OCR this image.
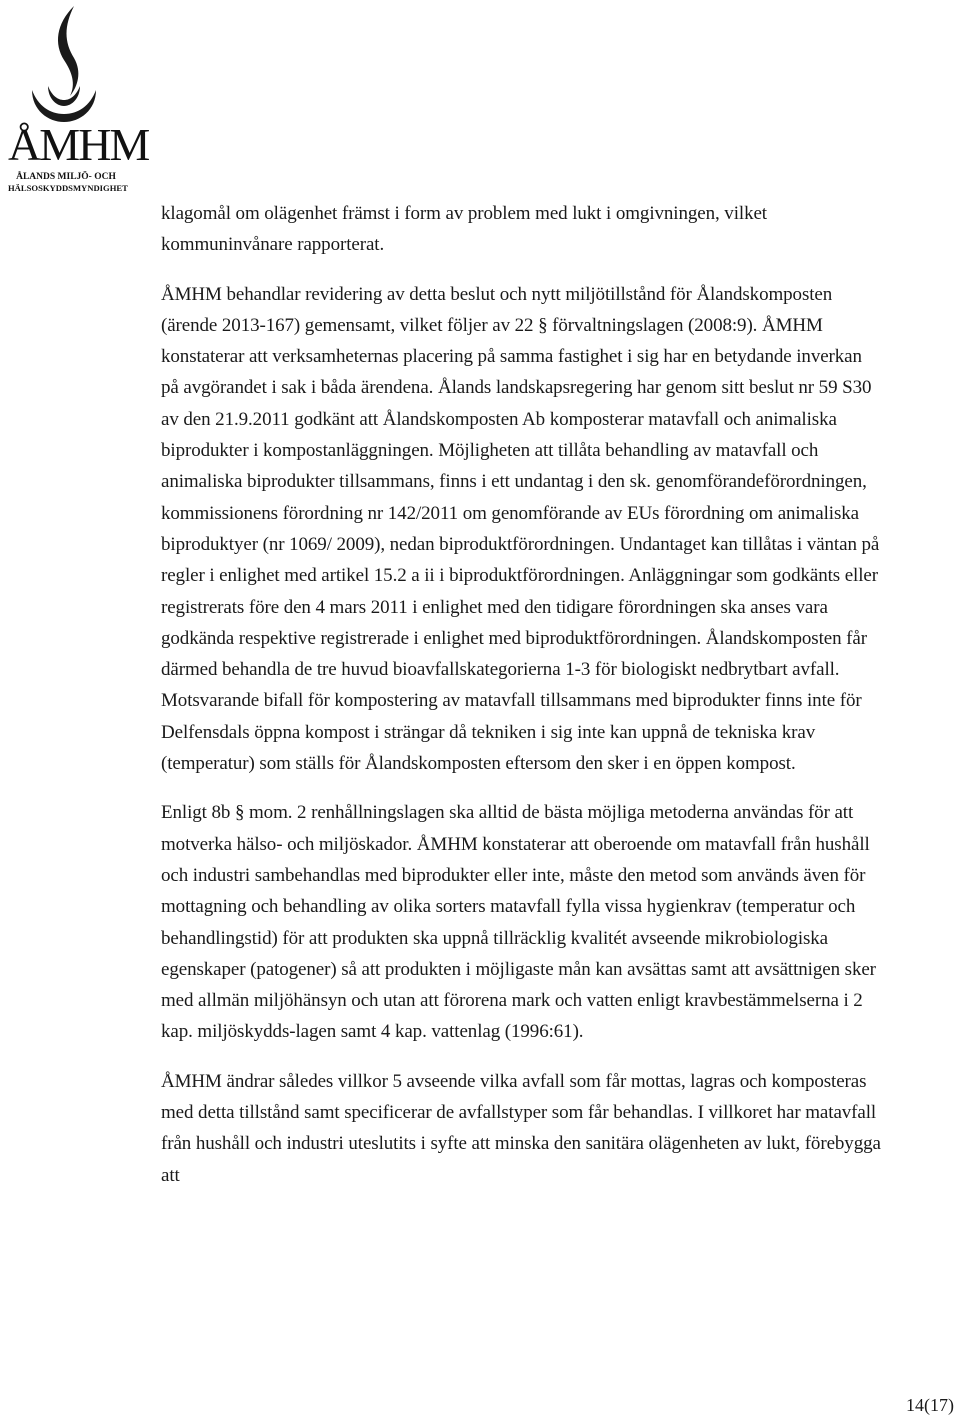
ÅMHM
ÅLANDS MILJÖ- OCH
HÄLSOSKYDDSMYNDIGHET

klagomål om olägenhet främst i form av problem med lukt i omgivningen, vilket kommuninvånare rapporterat.

ÅMHM behandlar revidering av detta beslut och nytt miljötillstånd för Ålandskomposten (ärende 2013-167) gemensamt, vilket följer av 22 § förvaltningslagen (2008:9). ÅMHM konstaterar att verksamheternas placering på samma fastighet i sig har en betydande inverkan på avgörandet i sak i båda ärendena. Ålands landskapsregering har genom sitt beslut nr 59 S30 av den 21.9.2011 godkänt att Ålandskomposten Ab komposterar matavfall och animaliska biprodukter i kompostanläggningen. Möjligheten att tillåta behandling av matavfall och animaliska biprodukter tillsammans, finns i ett undantag i den sk. genomförandeförordningen, kommissionens förordning nr 142/2011 om genomförande av EUs förordning om animaliska biproduktyer (nr 1069/ 2009), nedan biproduktförordningen. Undantaget kan tillåtas i väntan på regler i enlighet med artikel 15.2 a ii i biproduktförordningen. Anläggningar som godkänts eller registrerats före den 4 mars 2011 i enlighet med den tidigare förordningen ska anses vara godkända respektive registrerade i enlighet med biproduktförordningen. Ålandskomposten får därmed behandla de tre huvud bioavfallskategorierna 1-3 för biologiskt nedbrytbart avfall. Motsvarande bifall för kompostering av matavfall tillsammans med biprodukter finns inte för Delfensdals öppna kompost i strängar då tekniken i sig inte kan uppnå de tekniska krav (temperatur) som ställs för Ålandskomposten eftersom den sker i en öppen kompost.

Enligt 8b § mom. 2 renhållningslagen ska alltid de bästa möjliga metoderna användas för att motverka hälso- och miljöskador. ÅMHM konstaterar att oberoende om matavfall från hushåll och industri sambehandlas med biprodukter eller inte, måste den metod som används även för mottagning och behandling av olika sorters matavfall fylla vissa hygienkrav (temperatur och behandlingstid) för att produkten ska uppnå tillräcklig kvalitét avseende mikrobiologiska egenskaper (patogener) så att produkten i möjligaste mån kan avsättas samt att avsättnigen sker med allmän miljöhänsyn och utan att förorena mark och vatten enligt kravbestämmelserna i 2 kap. miljöskydds-lagen samt 4 kap. vattenlag (1996:61).

ÅMHM ändrar således villkor 5 avseende vilka avfall som får mottas, lagras och komposteras med detta tillstånd samt specificerar de avfallstyper som får behandlas. I villkoret har matavfall från hushåll och industri uteslutits i syfte att minska den sanitära olägenheten av lukt, förebygga att

14(17)
